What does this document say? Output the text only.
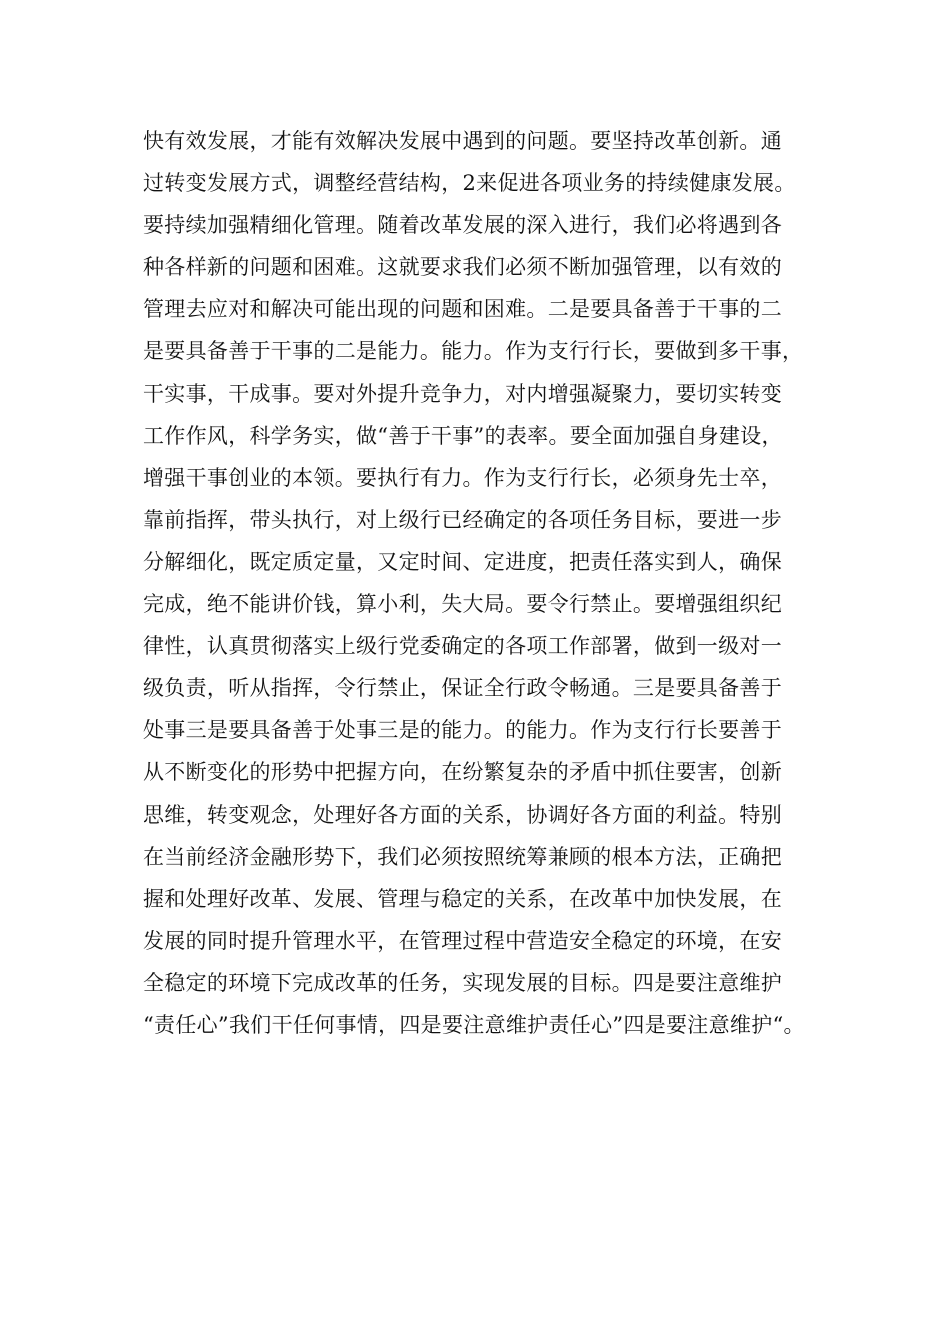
快有效发展，才能有效解决发展中遇到的问题。要坚持改革创新。通
过转变发展方式，调整经营结构，2来促进各项业务的持续健康发展。
要持续加强精细化管理。随着改革发展的深入进行，我们必将遇到各
种各样新的问题和困难。这就要求我们必须不断加强管理，以有效的
管理去应对和解决可能出现的问题和困难。二是要具备善于干事的二
是要具备善于干事的二是能力。能力。作为支行行长，要做到多干事，
干实事，干成事。要对外提升竞争力，对内增强凝聚力，要切实转变
工作作风，科学务实，做“善于干事”的表率。要全面加强自身建设，
增强干事创业的本领。要执行有力。作为支行行长，必须身先士卒，
靠前指挥，带头执行，对上级行已经确定的各项任务目标，要进一步
分解细化，既定质定量，又定时间、定进度，把责任落实到人，确保
完成，绝不能讲价钱，算小利，失大局。要令行禁止。要增强组织纪
律性，认真贯彻落实上级行党委确定的各项工作部署，做到一级对一
级负责，听从指挥，令行禁止，保证全行政令畅通。三是要具备善于
处事三是要具备善于处事三是的能力。的能力。作为支行行长要善于
从不断变化的形势中把握方向，在纷繁复杂的矛盾中抓住要害，创新
思维，转变观念，处理好各方面的关系，协调好各方面的利益。特别
在当前经济金融形势下，我们必须按照统筹兼顾的根本方法，正确把
握和处理好改革、发展、管理与稳定的关系，在改革中加快发展，在
发展的同时提升管理水平，在管理过程中营造安全稳定的环境，在安
全稳定的环境下完成改革的任务，实现发展的目标。四是要注意维护
“责任心”我们干任何事情，四是要注意维护责任心”四是要注意维护“。
